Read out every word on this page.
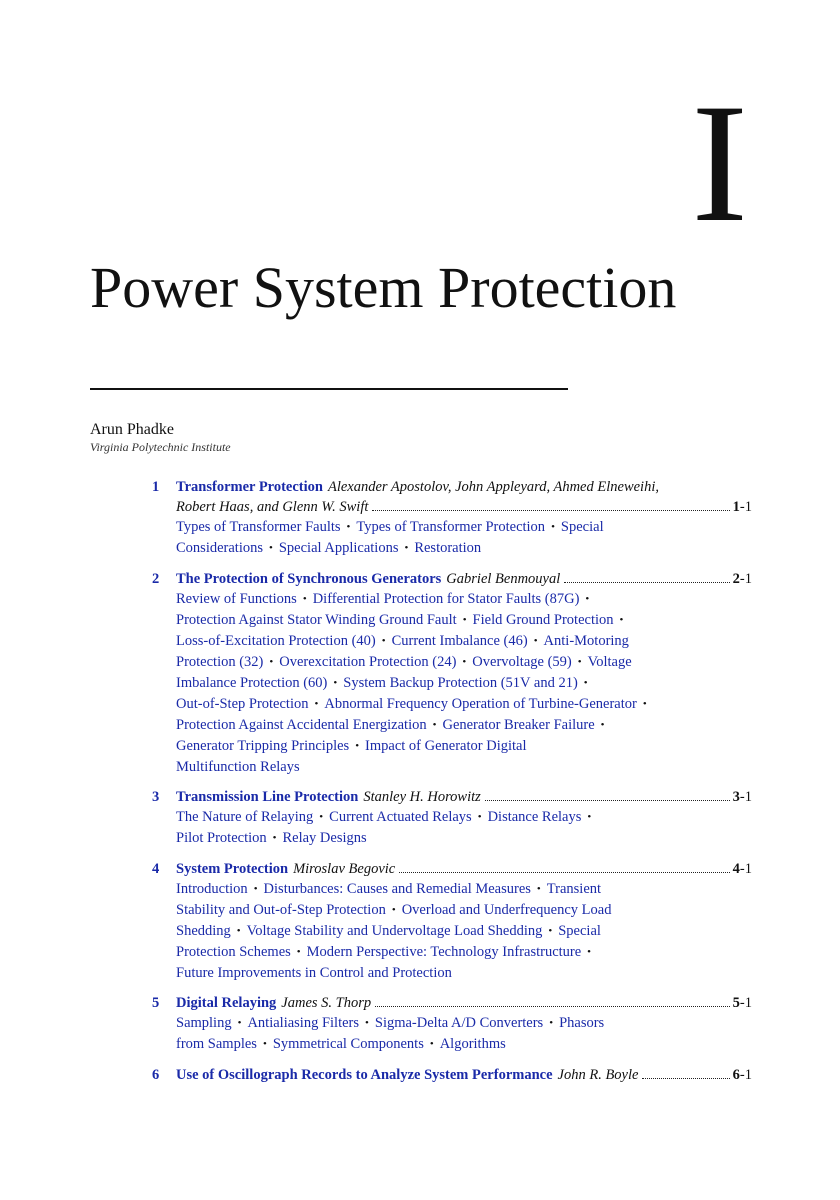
I
Power System Protection
Arun Phadke
Virginia Polytechnic Institute
1 Transformer Protection Alexander Apostolov, John Appleyard, Ahmed Elneweihi,
Robert Haas, and Glenn W. Swift	1-1
Types of Transformer Faults • Types of Transformer Protection • Special
Considerations • Special Applications • Restoration
2 The Protection of Synchronous Generators Gabriel Benmouyal	2-1
Review of Functions • Differential Protection for Stator Faults (87G) •
Protection Against Stator Winding Ground Fault • Field Ground Protection •
Loss-of-Excitation Protection (40) • Current Imbalance (46) • Anti-Motoring
Protection (32) • Overexcitation Protection (24) • Overvoltage (59) • Voltage
Imbalance Protection (60) • System Backup Protection (51V and 21) •
Out-of-Step Protection • Abnormal Frequency Operation of Turbine-Generator •
Protection Against Accidental Energization • Generator Breaker Failure •
Generator Tripping Principles • Impact of Generator Digital
Multifunction Relays
3 Transmission Line Protection Stanley H. Horowitz	3-1
The Nature of Relaying • Current Actuated Relays • Distance Relays •
Pilot Protection • Relay Designs
4 System Protection Miroslav Begovic	4-1
Introduction • Disturbances: Causes and Remedial Measures • Transient
Stability and Out-of-Step Protection • Overload and Underfrequency Load
Shedding • Voltage Stability and Undervoltage Load Shedding • Special
Protection Schemes • Modern Perspective: Technology Infrastructure •
Future Improvements in Control and Protection
5 Digital Relaying James S. Thorp	5-1
Sampling • Antialiasing Filters • Sigma-Delta A/D Converters • Phasors
from Samples • Symmetrical Components • Algorithms
6 Use of Oscillograph Records to Analyze System Performance John R. Boyle	6-1
